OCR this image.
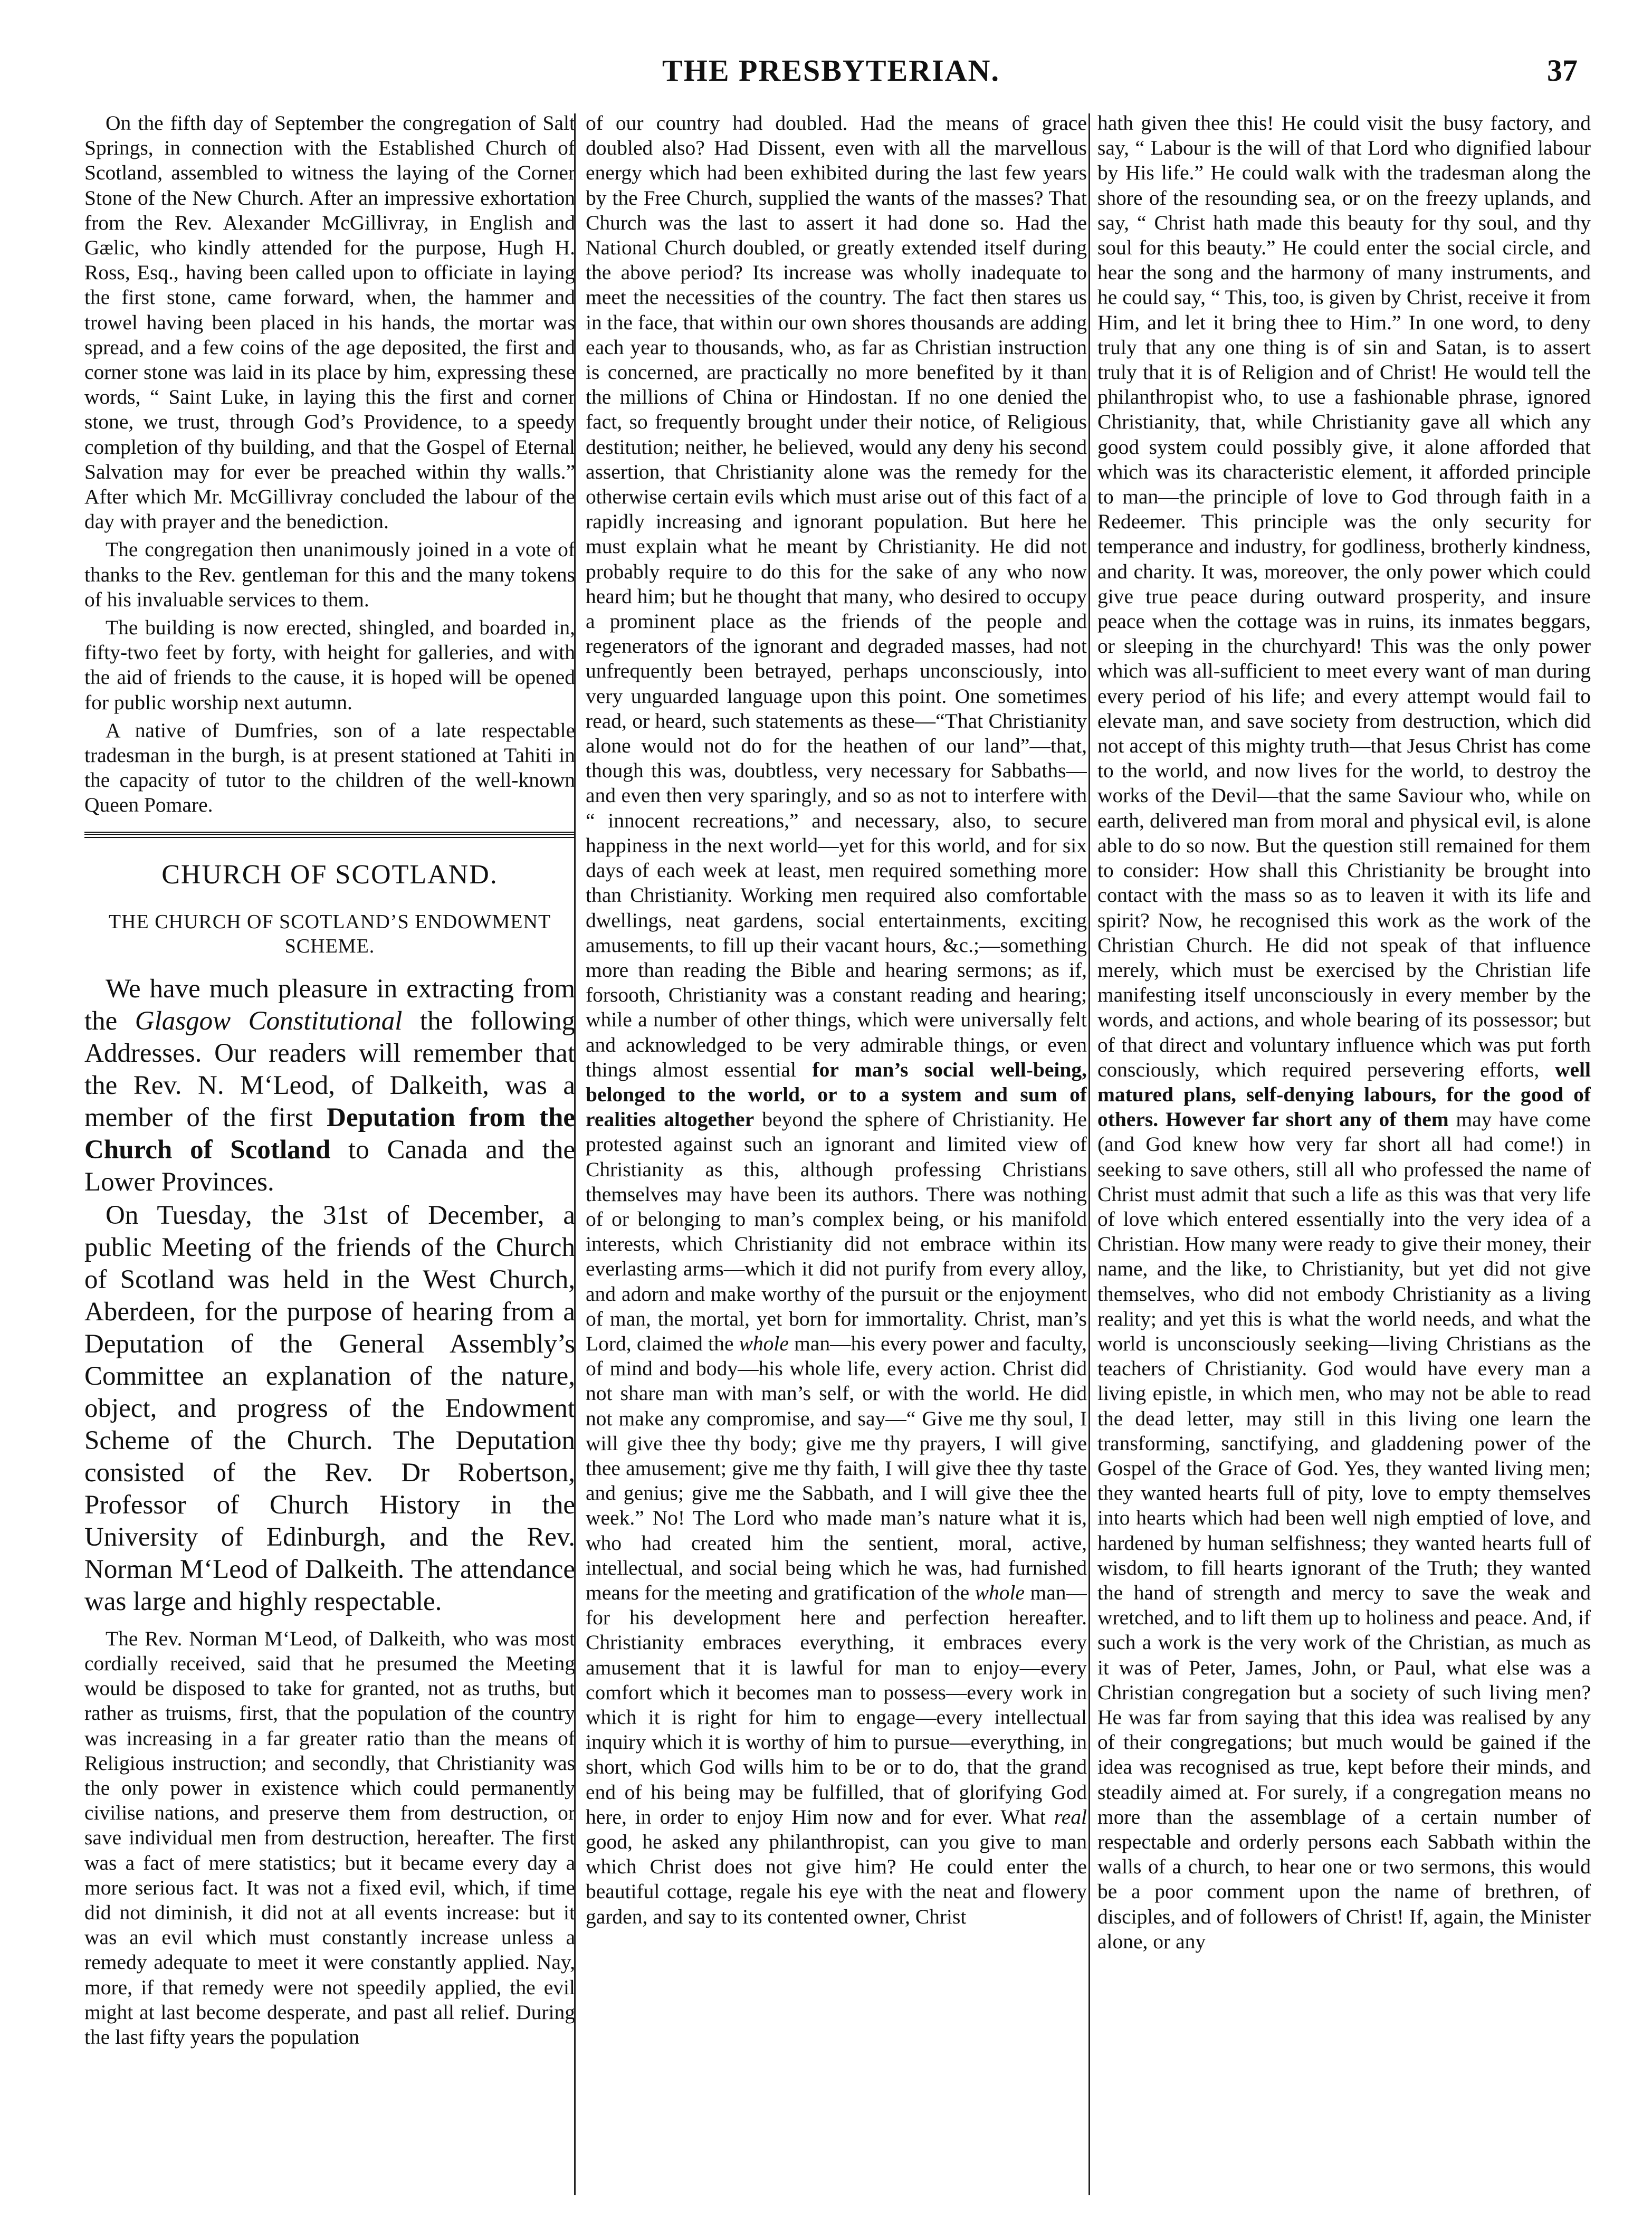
THE PRESBYTERIAN.	37

On the fifth day of September the congregation of Salt Springs, in connection with the Established Church of Scotland, assembled to witness the laying of the Corner Stone of the New Church. After an impressive exhortation from the Rev. Alexander McGillivray, in English and Gælic, who kindly attended for the purpose, Hugh H. Ross, Esq., having been called upon to officiate in laying the first stone, came forward, when, the hammer and trowel having been placed in his hands, the mortar was spread, and a few coins of the age deposited, the first and corner stone was laid in its place by him, expressing these words, “ Saint Luke, in laying this the first and corner stone, we trust, through God’s Providence, to a speedy completion of thy building, and that the Gospel of Eternal Salvation may for ever be preached within thy walls.” After which Mr. McGillivray concluded the labour of the day with prayer and the benediction.

The congregation then unanimously joined in a vote of thanks to the Rev. gentleman for this and the many tokens of his invaluable services to them.

The building is now erected, shingled, and boarded in, fifty-two feet by forty, with height for galleries, and with the aid of friends to the cause, it is hoped will be opened for public worship next autumn.

A native of Dumfries, son of a late respectable tradesman in the burgh, is at present stationed at Tahiti in the capacity of tutor to the children of the well-known Queen Pomare.

CHURCH OF SCOTLAND.
THE CHURCH OF SCOTLAND’S ENDOWMENT SCHEME.

We have much pleasure in extracting from the Glasgow Constitutional the following Addresses. Our readers will remember that the Rev. N. M‘Leod, of Dalkeith, was a member of the first Deputation from the Church of Scotland to Canada and the Lower Provinces.

On Tuesday, the 31st of December, a public Meeting of the friends of the Church of Scotland was held in the West Church, Aberdeen, for the purpose of hearing from a Deputation of the General Assembly’s Committee an explanation of the nature, object, and progress of the Endowment Scheme of the Church. The Deputation consisted of the Rev. Dr Robertson, Professor of Church History in the University of Edinburgh, and the Rev. Norman M‘Leod of Dalkeith. The attendance was large and highly respectable.

The Rev. Norman M‘Leod, of Dalkeith, who was most cordially received, said that he presumed the Meeting would be disposed to take for granted, not as truths, but rather as truisms, first, that the population of the country was increasing in a far greater ratio than the means of Religious instruction; and secondly, that Christianity was the only power in existence which could permanently civilise nations, and preserve them from destruction, or save individual men from destruction, hereafter. The first was a fact of mere statistics; but it became every day a more serious fact. It was not a fixed evil, which, if time did not diminish, it did not at all events increase: but it was an evil which must constantly increase unless a remedy adequate to meet it were constantly applied. Nay, more, if that remedy were not speedily applied, the evil might at last become desperate, and past all relief. During the last fifty years the population

of our country had doubled. Had the means of grace doubled also? Had Dissent, even with all the marvellous energy which had been exhibited during the last few years by the Free Church, supplied the wants of the masses? That Church was the last to assert it had done so. Had the National Church doubled, or greatly extended itself during the above period? Its increase was wholly inadequate to meet the necessities of the country. The fact then stares us in the face, that within our own shores thousands are adding each year to thousands, who, as far as Christian instruction is concerned, are practically no more benefited by it than the millions of China or Hindostan. If no one denied the fact, so frequently brought under their notice, of Religious destitution; neither, he believed, would any deny his second assertion, that Christianity alone was the remedy for the otherwise certain evils which must arise out of this fact of a rapidly increasing and ignorant population. But here he must explain what he meant by Christianity. He did not probably require to do this for the sake of any who now heard him; but he thought that many, who desired to occupy a prominent place as the friends of the people and regenerators of the ignorant and degraded masses, had not unfrequently been betrayed, perhaps unconsciously, into very unguarded language upon this point. One sometimes read, or heard, such statements as these—“That Christianity alone would not do for the heathen of our land”—that, though this was, doubtless, very necessary for Sabbaths—and even then very sparingly, and so as not to interfere with “ innocent recreations,” and necessary, also, to secure happiness in the next world—yet for this world, and for six days of each week at least, men required something more than Christianity. Working men required also comfortable dwellings, neat gardens, social entertainments, exciting amusements, to fill up their vacant hours, &c.;—something more than reading the Bible and hearing sermons; as if, forsooth, Christianity was a constant reading and hearing; while a number of other things, which were universally felt and acknowledged to be very admirable things, or even things almost essential for man’s social well-being, belonged to the world, or to a system and sum of realities altogether beyond the sphere of Christianity. He protested against such an ignorant and limited view of Christianity as this, although professing Christians themselves may have been its authors. There was nothing of or belonging to man’s complex being, or his manifold interests, which Christianity did not embrace within its everlasting arms—which it did not purify from every alloy, and adorn and make worthy of the pursuit or the enjoyment of man, the mortal, yet born for immortality. Christ, man’s Lord, claimed the whole man—his every power and faculty, of mind and body—his whole life, every action. Christ did not share man with man’s self, or with the world. He did not make any compromise, and say—“ Give me thy soul, I will give thee thy body; give me thy prayers, I will give thee amusement; give me thy faith, I will give thee thy taste and genius; give me the Sabbath, and I will give thee the week.” No! The Lord who made man’s nature what it is, who had created him the sentient, moral, active, intellectual, and social being which he was, had furnished means for the meeting and gratification of the whole man—for his development here and perfection hereafter. Christianity embraces everything, it embraces every amusement that it is lawful for man to enjoy—every comfort which it becomes man to possess—every work in which it is right for him to engage—every intellectual inquiry which it is worthy of him to pursue—everything, in short, which God wills him to be or to do, that the grand end of his being may be fulfilled, that of glorifying God here, in order to enjoy Him now and for ever. What real good, he asked any philanthropist, can you give to man which Christ does not give him? He could enter the beautiful cottage, regale his eye with the neat and flowery garden, and say to its contented owner, Christ

hath given thee this! He could visit the busy factory, and say, “ Labour is the will of that Lord who dignified labour by His life.” He could walk with the tradesman along the shore of the resounding sea, or on the freezy uplands, and say, “ Christ hath made this beauty for thy soul, and thy soul for this beauty.” He could enter the social circle, and hear the song and the harmony of many instruments, and he could say, “ This, too, is given by Christ, receive it from Him, and let it bring thee to Him.” In one word, to deny truly that any one thing is of sin and Satan, is to assert truly that it is of Religion and of Christ! He would tell the philanthropist who, to use a fashionable phrase, ignored Christianity, that, while Christianity gave all which any good system could possibly give, it alone afforded that which was its characteristic element, it afforded principle to man—the principle of love to God through faith in a Redeemer. This principle was the only security for temperance and industry, for godliness, brotherly kindness, and charity. It was, moreover, the only power which could give true peace during outward prosperity, and insure peace when the cottage was in ruins, its inmates beggars, or sleeping in the churchyard! This was the only power which was all-sufficient to meet every want of man during every period of his life; and every attempt would fail to elevate man, and save society from destruction, which did not accept of this mighty truth—that Jesus Christ has come to the world, and now lives for the world, to destroy the works of the Devil—that the same Saviour who, while on earth, delivered man from moral and physical evil, is alone able to do so now. But the question still remained for them to consider: How shall this Christianity be brought into contact with the mass so as to leaven it with its life and spirit? Now, he recognised this work as the work of the Christian Church. He did not speak of that influence merely, which must be exercised by the Christian life manifesting itself unconsciously in every member by the words, and actions, and whole bearing of its possessor; but of that direct and voluntary influence which was put forth consciously, which required persevering efforts, well matured plans, self-denying labours, for the good of others. However far short any of them may have come (and God knew how very far short all had come!) in seeking to save others, still all who professed the name of Christ must admit that such a life as this was that very life of love which entered essentially into the very idea of a Christian. How many were ready to give their money, their name, and the like, to Christianity, but yet did not give themselves, who did not embody Christianity as a living reality; and yet this is what the world needs, and what the world is unconsciously seeking—living Christians as the teachers of Christianity. God would have every man a living epistle, in which men, who may not be able to read the dead letter, may still in this living one learn the transforming, sanctifying, and gladdening power of the Gospel of the Grace of God. Yes, they wanted living men; they wanted hearts full of pity, love to empty themselves into hearts which had been well nigh emptied of love, and hardened by human selfishness; they wanted hearts full of wisdom, to fill hearts ignorant of the Truth; they wanted the hand of strength and mercy to save the weak and wretched, and to lift them up to holiness and peace. And, if such a work is the very work of the Christian, as much as it was of Peter, James, John, or Paul, what else was a Christian congregation but a society of such living men? He was far from saying that this idea was realised by any of their congregations; but much would be gained if the idea was recognised as true, kept before their minds, and steadily aimed at. For surely, if a congregation means no more than the assemblage of a certain number of respectable and orderly persons each Sabbath within the walls of a church, to hear one or two sermons, this would be a poor comment upon the name of brethren, of disciples, and of followers of Christ! If, again, the Minister alone, or any
